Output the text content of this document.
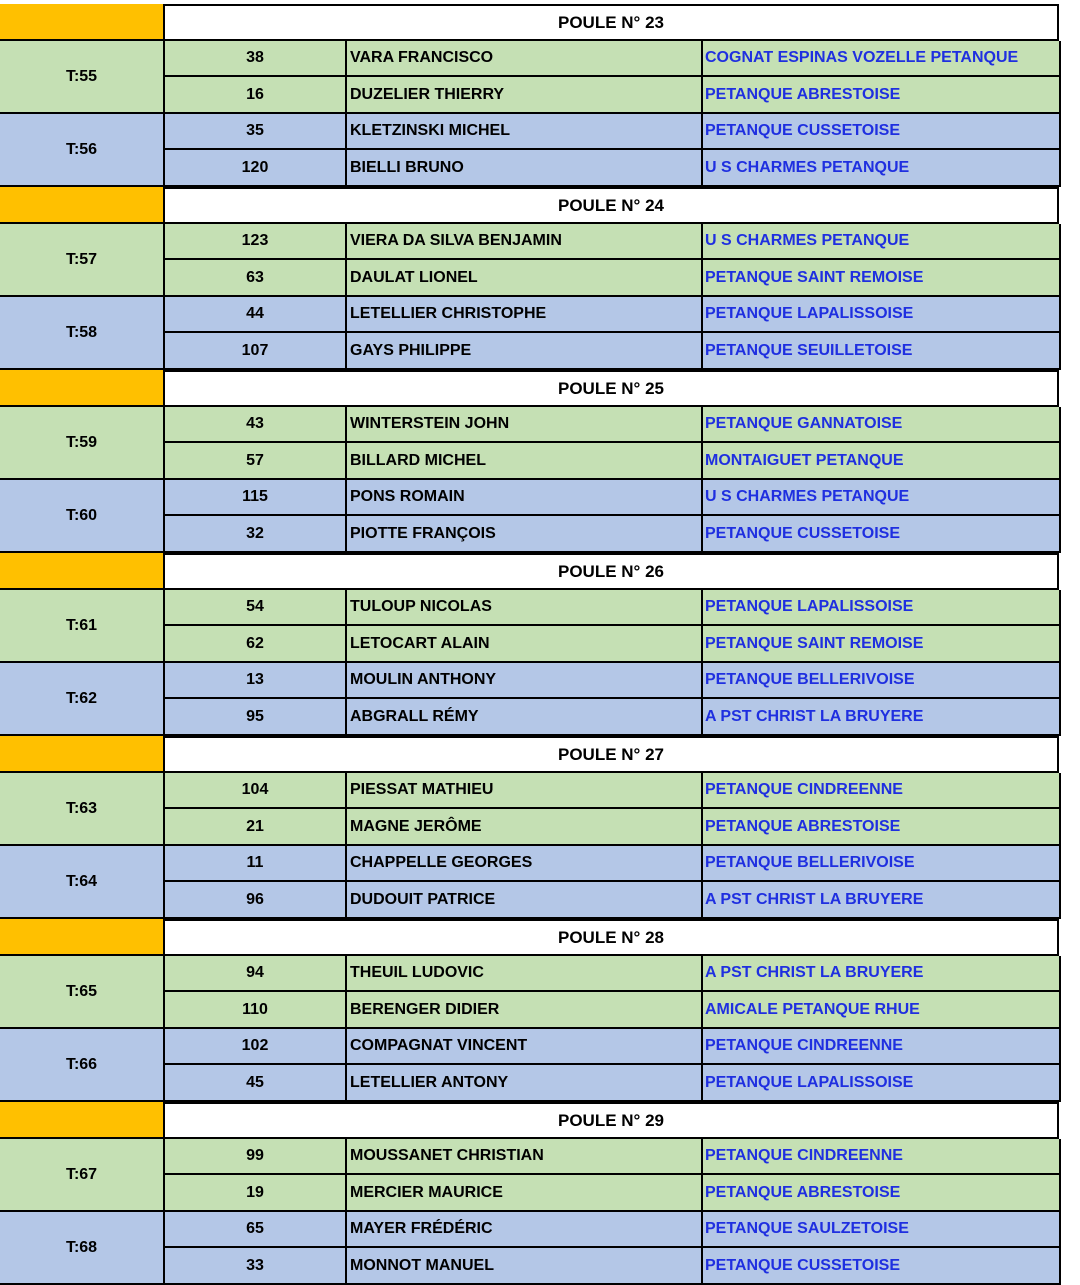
POULE N° 23
T:55
38	VARA FRANCISCO	COGNAT ESPINAS VOZELLE PETANQUE
16	DUZELIER THIERRY	PETANQUE ABRESTOISE
T:56
35	KLETZINSKI MICHEL	PETANQUE CUSSETOISE
120	BIELLI BRUNO	U S CHARMES PETANQUE
POULE N° 24
T:57
123	VIERA DA SILVA BENJAMIN	U S CHARMES PETANQUE
63	DAULAT LIONEL	PETANQUE SAINT REMOISE
T:58
44	LETELLIER CHRISTOPHE	PETANQUE LAPALISSOISE
107	GAYS PHILIPPE	PETANQUE SEUILLETOISE
POULE N° 25
T:59
43	WINTERSTEIN JOHN	PETANQUE GANNATOISE
57	BILLARD MICHEL	MONTAIGUET PETANQUE
T:60
115	PONS ROMAIN	U S CHARMES PETANQUE
32	PIOTTE FRANÇOIS	PETANQUE CUSSETOISE
POULE N° 26
T:61
54	TULOUP NICOLAS	PETANQUE LAPALISSOISE
62	LETOCART ALAIN	PETANQUE SAINT REMOISE
T:62
13	MOULIN ANTHONY	PETANQUE BELLERIVOISE
95	ABGRALL RÉMY	A PST CHRIST LA BRUYERE
POULE N° 27
T:63
104	PIESSAT MATHIEU	PETANQUE CINDREENNE
21	MAGNE JERÔME	PETANQUE ABRESTOISE
T:64
11	CHAPPELLE GEORGES	PETANQUE BELLERIVOISE
96	DUDOUIT PATRICE	A PST CHRIST LA BRUYERE
POULE N° 28
T:65
94	THEUIL LUDOVIC	A PST CHRIST LA BRUYERE
110	BERENGER DIDIER	AMICALE PETANQUE RHUE
T:66
102	COMPAGNAT VINCENT	PETANQUE CINDREENNE
45	LETELLIER ANTONY	PETANQUE LAPALISSOISE
POULE N° 29
T:67
99	MOUSSANET CHRISTIAN	PETANQUE CINDREENNE
19	MERCIER MAURICE	PETANQUE ABRESTOISE
T:68
65	MAYER FRÉDÉRIC	PETANQUE SAULZETOISE
33	MONNOT MANUEL	PETANQUE CUSSETOISE
